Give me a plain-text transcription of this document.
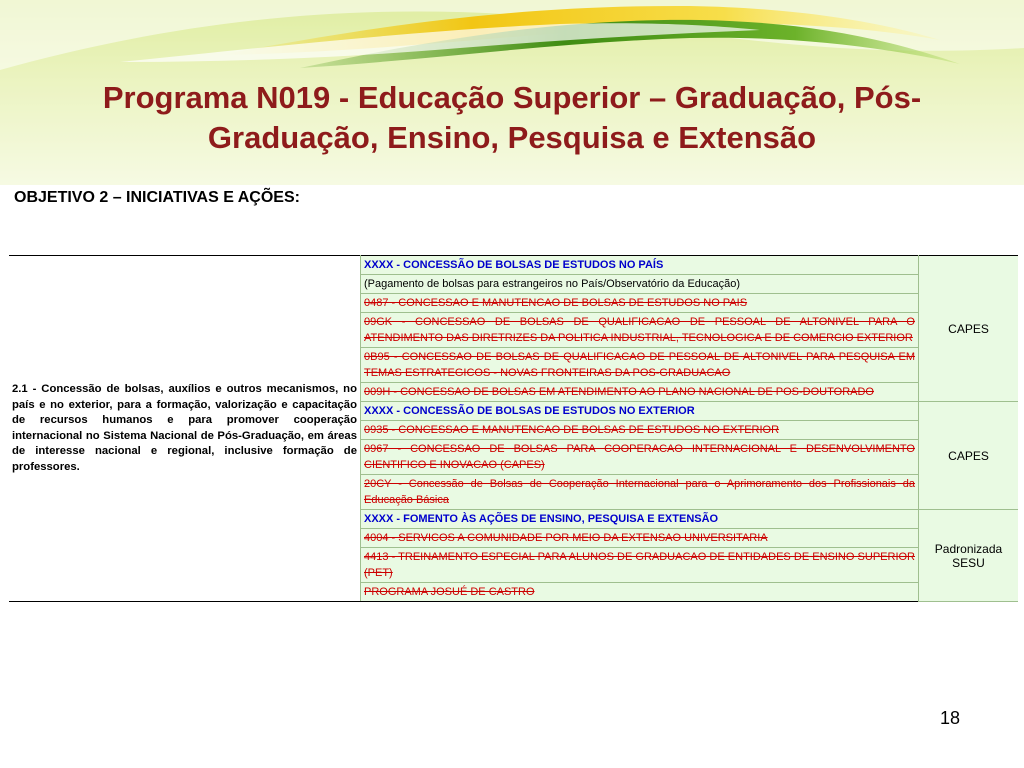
Programa N019 - Educação Superior – Graduação, Pós-Graduação, Ensino, Pesquisa e Extensão
OBJETIVO 2 – INICIATIVAS E AÇÕES:
2.1 - Concessão de bolsas, auxílios e outros mecanismos, no país e no exterior, para a formação, valorização e capacitação de recursos humanos e para promover cooperação internacional no Sistema Nacional de Pós-Graduação, em áreas de interesse nacional e regional, inclusive formação de professores.	XXXX - CONCESSÃO DE BOLSAS DE ESTUDOS NO PAÍS	CAPES
	(Pagamento de bolsas para estrangeiros no País/Observatório da Educação)	
	0487 - CONCESSAO E MANUTENCAO DE BOLSAS DE ESTUDOS NO PAIS	
	09GK - CONCESSAO DE BOLSAS DE QUALIFICACAO DE PESSOAL DE ALTONIVEL PARA O ATENDIMENTO DAS DIRETRIZES DA POLITICA INDUSTRIAL, TECNOLOGICA E DE COMERCIO EXTERIOR	
	0B95 - CONCESSAO DE BOLSAS DE QUALIFICACAO DE PESSOAL DE ALTONIVEL PARA PESQUISA EM TEMAS ESTRATEGICOS - NOVAS FRONTEIRAS DA POS-GRADUACAO	
	009H - CONCESSAO DE BOLSAS EM ATENDIMENTO AO PLANO NACIONAL DE POS-DOUTORADO	
	XXXX - CONCESSÃO DE BOLSAS DE ESTUDOS NO EXTERIOR	CAPES
	0935 - CONCESSAO E MANUTENCAO DE BOLSAS DE ESTUDOS NO EXTERIOR	
	0967 - CONCESSAO DE BOLSAS PARA COOPERACAO INTERNACIONAL E DESENVOLVIMENTO CIENTIFICO E INOVACAO (CAPES)	
	20CY - Concessão de Bolsas de Cooperação Internacional para o Aprimoramento dos Profissionais da Educação Básica	
	XXXX - FOMENTO ÀS AÇÕES DE ENSINO, PESQUISA E EXTENSÃO	Padronizada
SESU
	4004 - SERVICOS A COMUNIDADE POR MEIO DA EXTENSAO UNIVERSITARIA	
	4413 - TREINAMENTO ESPECIAL PARA ALUNOS DE GRADUACAO DE ENTIDADES DE ENSINO SUPERIOR (PET)	
	PROGRAMA JOSUÉ DE CASTRO	
18
